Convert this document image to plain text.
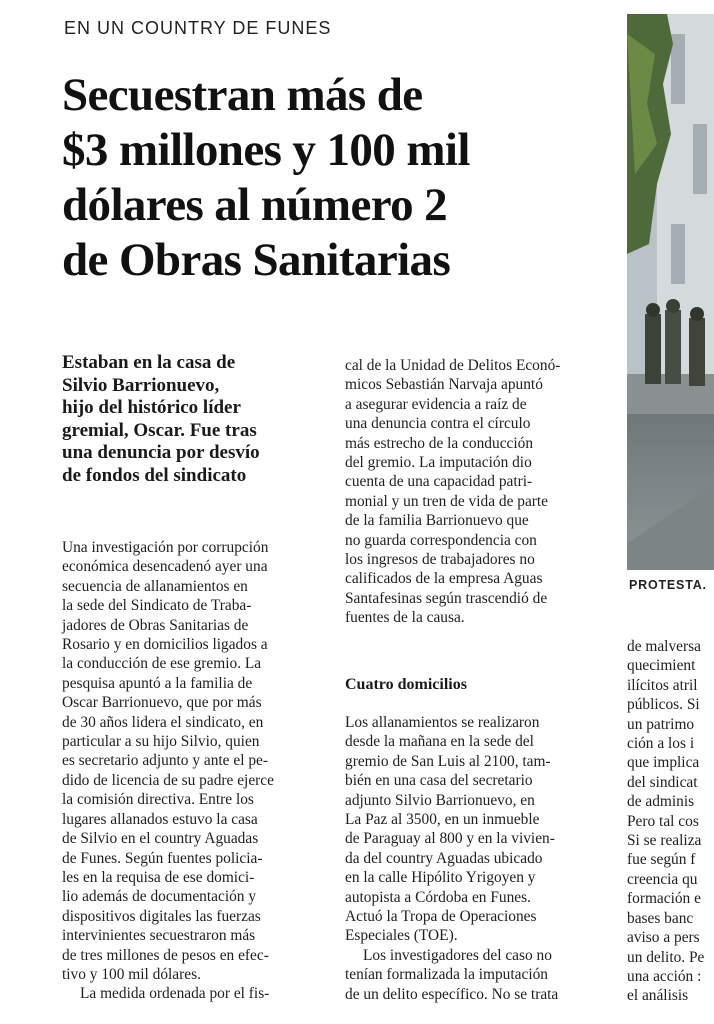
EN UN COUNTRY DE FUNES
Secuestran más de
$3 millones y 100 mil
dólares al número 2
de Obras Sanitarias
Estaban en la casa de
Silvio Barrionuevo,
hijo del histórico líder
gremial, Oscar. Fue tras
una denuncia por desvío
de fondos del sindicato
Una investigación por corrupción
económica desencadenó ayer una
secuencia de allanamientos en
la sede del Sindicato de Traba-
jadores de Obras Sanitarias de
Rosario y en domicilios ligados a
la conducción de ese gremio. La
pesquisa apuntó a la familia de
Oscar Barrionuevo, que por más
de 30 años lidera el sindicato, en
particular a su hijo Silvio, quien
es secretario adjunto y ante el pe-
dido de licencia de su padre ejerce
la comisión directiva. Entre los
lugares allanados estuvo la casa
de Silvio en el country Aguadas
de Funes. Según fuentes policia-
les en la requisa de ese domici-
lio además de documentación y
dispositivos digitales las fuerzas
intervinientes secuestraron más
de tres millones de pesos en efec-
tivo y 100 mil dólares.
La medida ordenada por el fis-
cal de la Unidad de Delitos Econó-
micos Sebastián Narvaja apuntó
a asegurar evidencia a raíz de
una denuncia contra el círculo
más estrecho de la conducción
del gremio. La imputación dio
cuenta de una capacidad patri-
monial y un tren de vida de parte
de la familia Barrionuevo que
no guarda correspondencia con
los ingresos de trabajadores no
calificados de la empresa Aguas
Santafesinas según trascendió de
fuentes de la causa.
Cuatro domicilios
Los allanamientos se realizaron
desde la mañana en la sede del
gremio de San Luis al 2100, tam-
bién en una casa del secretario
adjunto Silvio Barrionuevo, en
La Paz al 3500, en un inmueble
de Paraguay al 800 y en la vivien-
da del country Aguadas ubicado
en la calle Hipólito Yrigoyen y
autopista a Córdoba en Funes.
Actuó la Tropa de Operaciones
Especiales (TOE).
Los investigadores del caso no
tenían formalizada la imputación
de un delito específico. No se trata
de malversa
quecimient
ilícitos atril
públicos. Si
un patrimo
ción a los i
que implica
del sindicat
de adminis
Pero tal cos
Si se realiza
fue según f
creencia qu
formación e
bases banc
aviso a pers
un delito. Pe
una acción :
el análisis
PROTESTA.
